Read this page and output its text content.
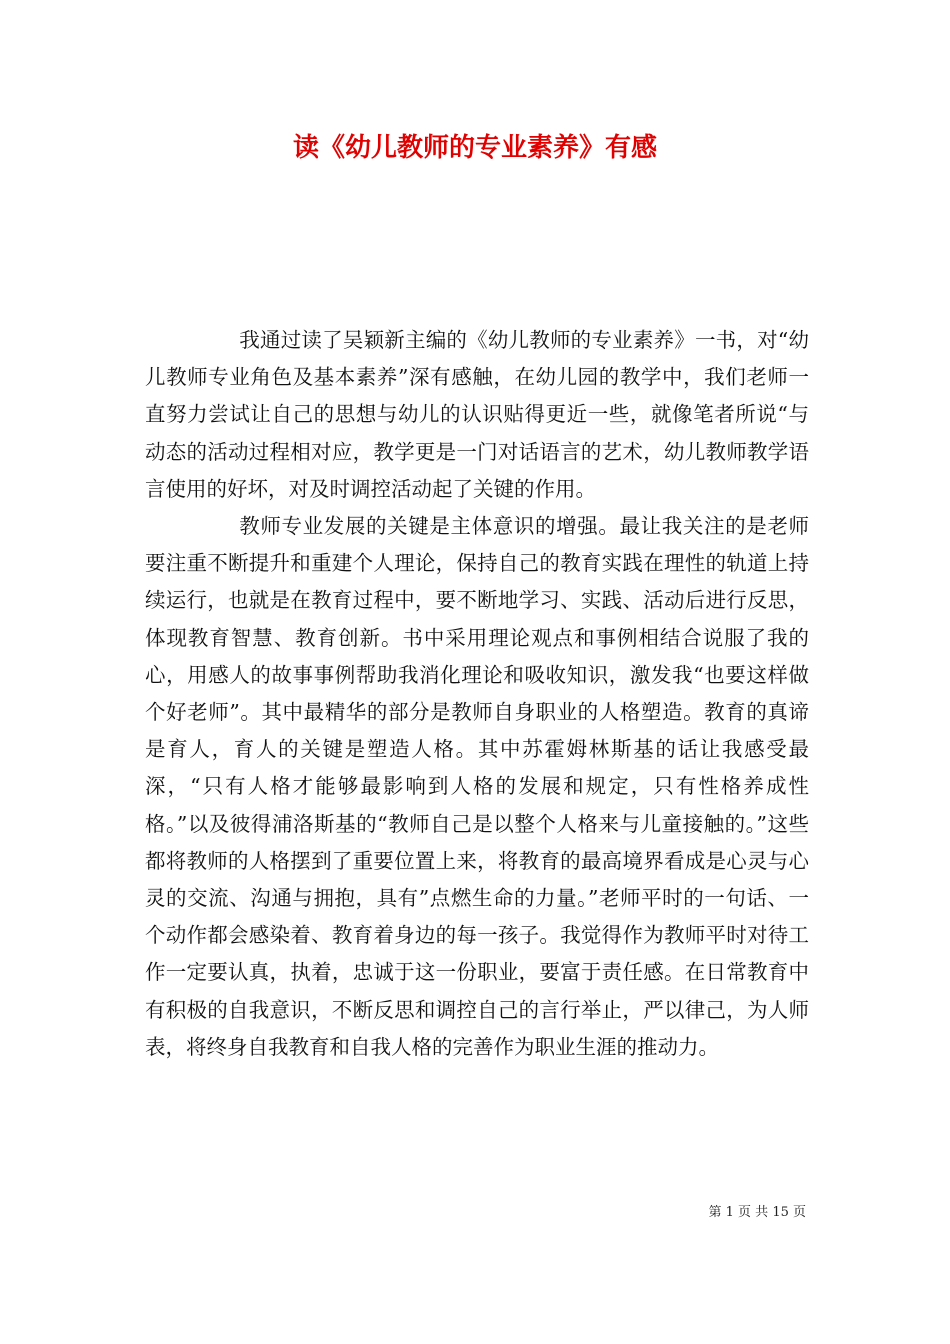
读《幼儿教师的专业素养》有感

我通过读了吴颖新主编的《幼儿教师的专业素养》一书，对“幼儿教师专业角色及基本素养”深有感触，在幼儿园的教学中，我们老师一直努力尝试让自己的思想与幼儿的认识贴得更近一些，就像笔者所说“与动态的活动过程相对应，教学更是一门对话语言的艺术，幼儿教师教学语言使用的好坏，对及时调控活动起了关键的作用。

教师专业发展的关键是主体意识的增强。最让我关注的是老师要注重不断提升和重建个人理论，保持自己的教育实践在理性的轨道上持续运行，也就是在教育过程中，要不断地学习、实践、活动后进行反思，体现教育智慧、教育创新。书中采用理论观点和事例相结合说服了我的心，用感人的故事事例帮助我消化理论和吸收知识，激发我“也要这样做个好老师”。其中最精华的部分是教师自身职业的人格塑造。教育的真谛是育人，育人的关键是塑造人格。其中苏霍姆林斯基的话让我感受最深，“只有人格才能够最影响到人格的发展和规定，只有性格养成性格。”以及彼得浦洛斯基的“教师自己是以整个人格来与儿童接触的。”这些都将教师的人格摆到了重要位置上来，将教育的最高境界看成是心灵与心灵的交流、沟通与拥抱，具有”点燃生命的力量。”老师平时的一句话、一个动作都会感染着、教育着身边的每一孩子。我觉得作为教师平时对待工作一定要认真，执着，忠诚于这一份职业，要富于责任感。在日常教育中有积极的自我意识，不断反思和调控自己的言行举止，严以律己，为人师表，将终身自我教育和自我人格的完善作为职业生涯的推动力。

第 1 页 共 15 页
